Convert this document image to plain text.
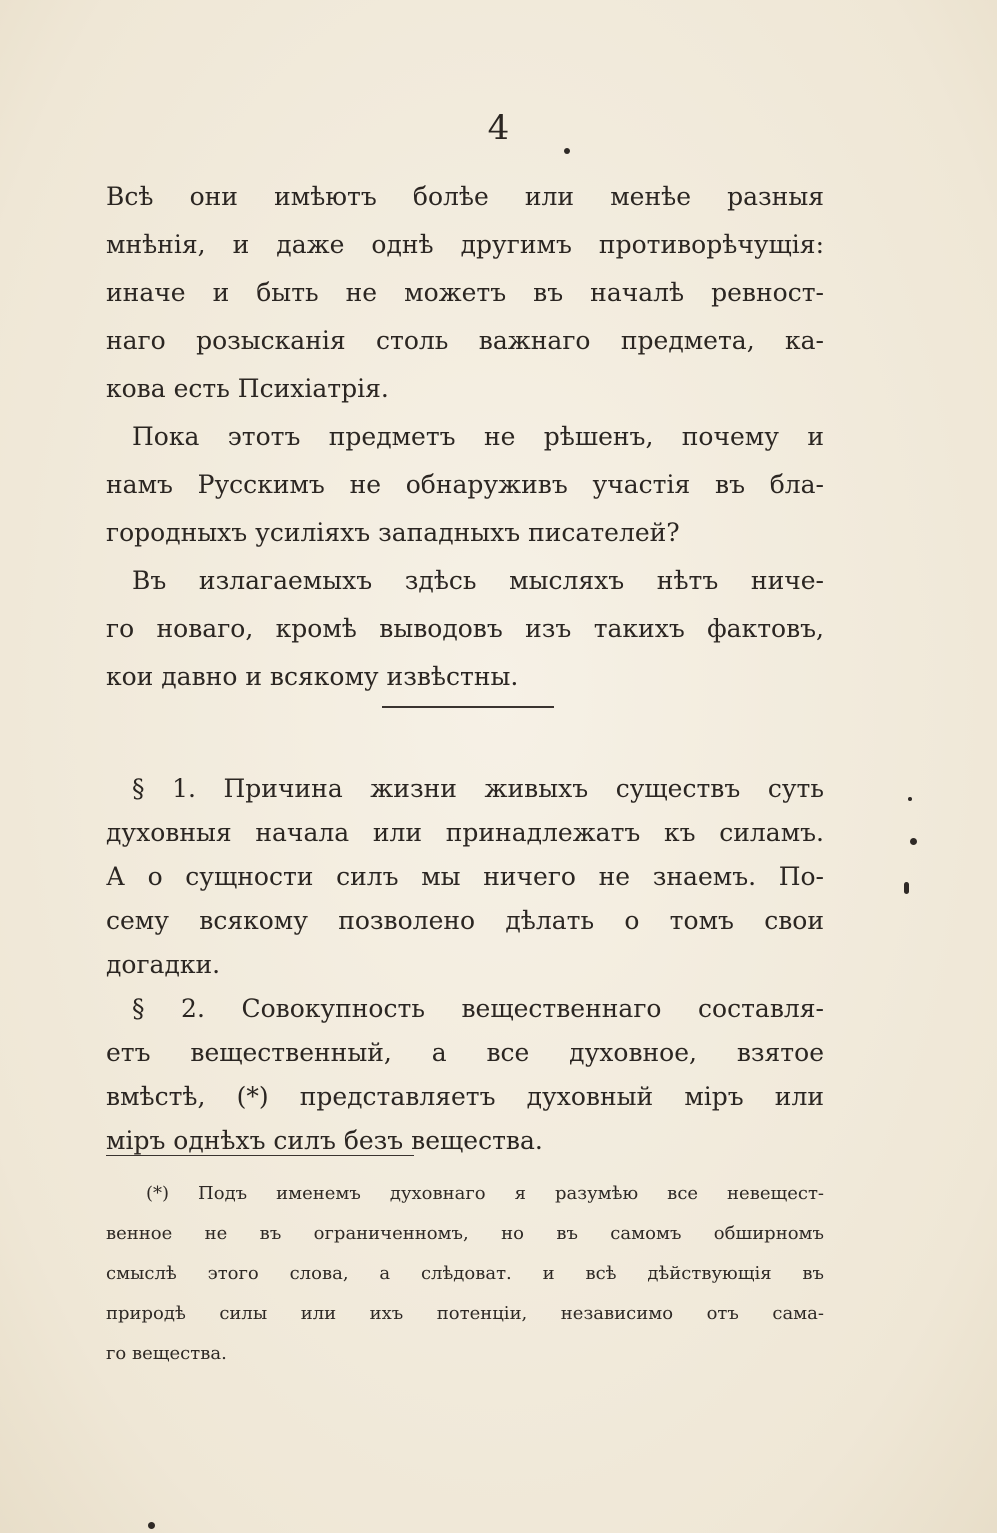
4
Всѣ они имѣютъ болѣе или менѣе разныя
мнѣнія, и даже однѣ другимъ противорѣчущія:
иначе и быть не можетъ въ началѣ ревност-
наго розысканія столь важнаго предмета, ка-
кова есть Психіатрія.
Пока этотъ предметъ не рѣшенъ, почему и
намъ Русскимъ не обнаруживъ участія въ бла-
городныхъ усиліяхъ западныхъ писателей?
Въ излагаемыхъ здѣсь мысляхъ нѣтъ ниче-
го новаго, кромѣ выводовъ изъ такихъ фактовъ,
кои давно и всякому извѣстны.
§ 1. Причина жизни живыхъ существъ суть
духовныя начала или принадлежатъ къ силамъ.
А о сущности силъ мы ничего не знаемъ. По-
сему всякому позволено дѣлать о томъ свои
догадки.
§ 2. Совокупность вещественнаго составля-
етъ вещественный, а все духовное, взятое
вмѣстѣ, (*) представляетъ духовный міръ или
(*) Подъ именемъ духовнаго я разумѣю все невещест-
венное не въ ограниченномъ, но въ самомъ обширномъ
смыслѣ этого слова, а слѣдоват. и всѣ дѣйствующія въ
природѣ силы или ихъ потенціи, независимо отъ сама-
го вещества.
міръ однѣхъ силъ безъ вещества.
